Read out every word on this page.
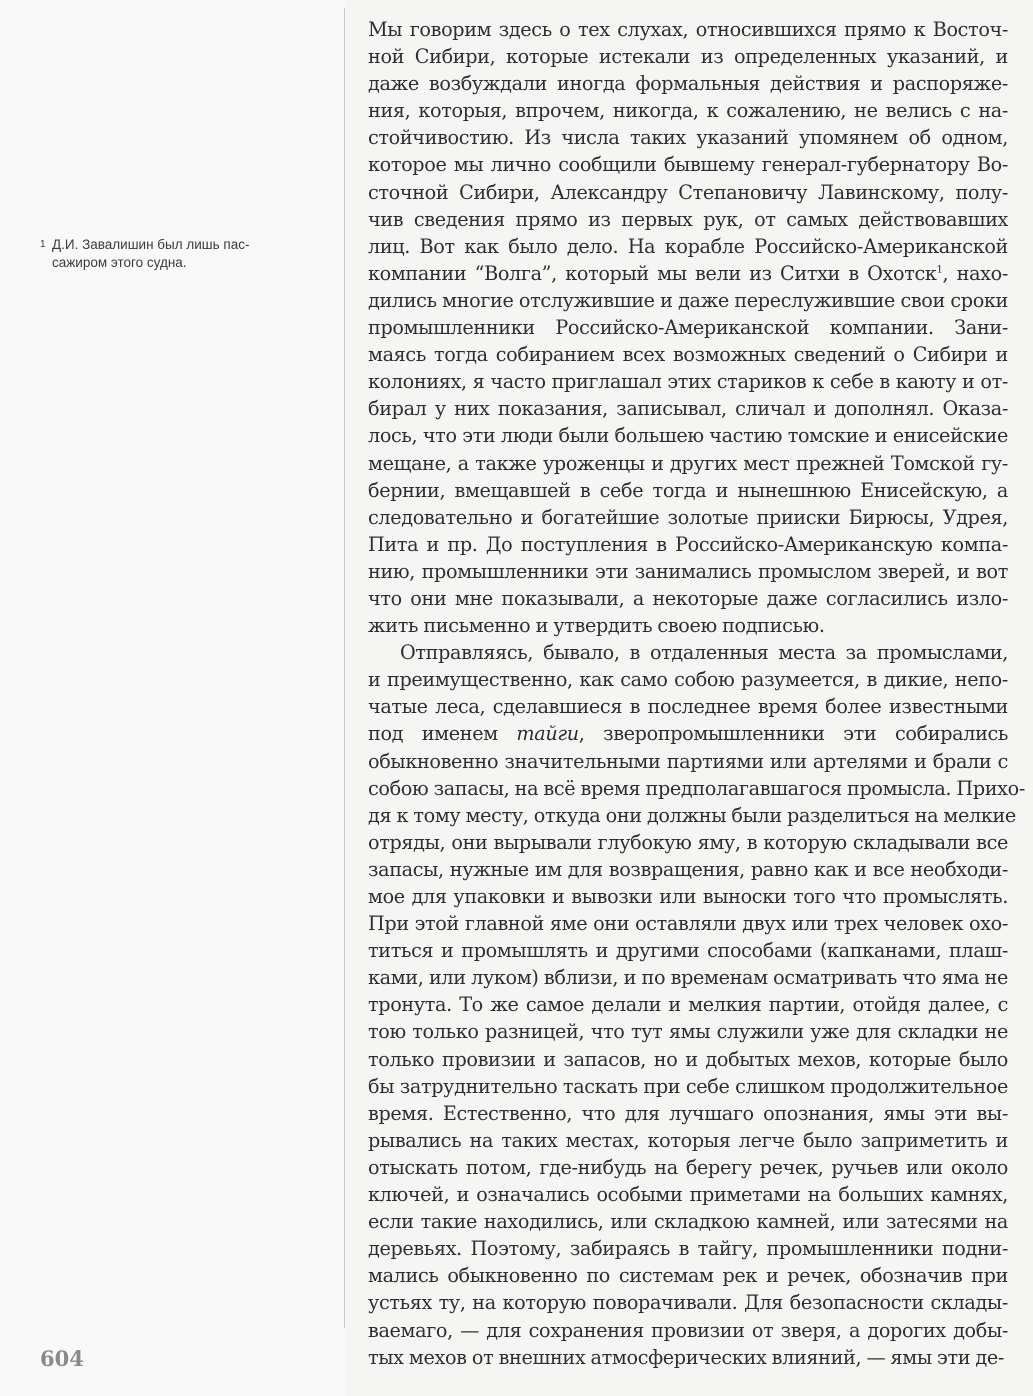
1 Д.И. Завалишин был лишь пас-
сажиром этого судна.
Мы говорим здесь о тех слухах, относившихся прямо к Восточ-
ной Сибири, которые истекали из определенных указаний, и
даже возбуждали иногда формальныя действия и распоряже-
ния, которыя, впрочем, никогда, к сожалению, не велись с на-
стойчивостию. Из числа таких указаний упомянем об одном,
которое мы лично сообщили бывшему генерал-губернатору Во-
сточной Сибири, Александру Степановичу Лавинскому, полу-
чив сведения прямо из первых рук, от самых действовавших
лиц. Вот как было дело. На корабле Российско-Американской
компании “Волга”, который мы вели из Ситхи в Охотск$^1$, нахо-
дились многие отслужившие и даже переслужившие свои сроки
промышленники Российско-Американской компании. Зани-
маясь тогда собиранием всех возможных сведений о Сибири и
колониях, я часто приглашал этих стариков к себе в каюту и от-
бирал у них показания, записывал, сличал и дополнял. Оказа-
лось, что эти люди были большею частию томские и енисейские
мещане, а также уроженцы и других мест прежней Томской гу-
бернии, вмещавшей в себе тогда и нынешнюю Енисейскую, а
следовательно и богатейшие золотые прииски Бирюсы, Удрея,
Пита и пр. До поступления в Российско-Американскую компа-
нию, промышленники эти занимались промыслом зверей, и вот
что они мне показывали, а некоторые даже согласились изло-
жить письменно и утвердить своею подписью.
Отправляясь, бывало, в отдаленныя места за промыслами,
и преимущественно, как само собою разумеется, в дикие, непо-
чатые леса, сделавшиеся в последнее время более известными
под именем тайги, зверопромышленники эти собирались
обыкновенно значительными партиями или артелями и брали с
собою запасы, на всё время предполагавшагося промысла. Прихо-
дя к тому месту, откуда они должны были разделиться на мелкие
отряды, они вырывали глубокую яму, в которую складывали все
запасы, нужные им для возвращения, равно как и все необходи-
мое для упаковки и вывозки или выноски того что промыслять.
При этой главной яме они оставляли двух или трех человек охо-
титься и промышлять и другими способами (капканами, плаш-
ками, или луком) вблизи, и по временам осматривать что яма не
тронута. То же самое делали и мелкия партии, отойдя далее, с
тою только разницей, что тут ямы служили уже для складки не
только провизии и запасов, но и добытых мехов, которые было
бы затруднительно таскать при себе слишком продолжительное
время. Естественно, что для лучшаго опознания, ямы эти вы-
рывались на таких местах, которыя легче было заприметить и
отыскать потом, где-нибудь на берегу речек, ручьев или около
ключей, и означались особыми приметами на больших камнях,
если такие находились, или складкою камней, или затесями на
деревьях. Поэтому, забираясь в тайгу, промышленники подни-
мались обыкновенно по системам рек и речек, обозначив при
устьях ту, на которую поворачивали. Для безопасности склады-
ваемаго, — для сохранения провизии от зверя, а дорогих добы-
тых мехов от внешних атмосферических влияний, — ямы эти де-
604
